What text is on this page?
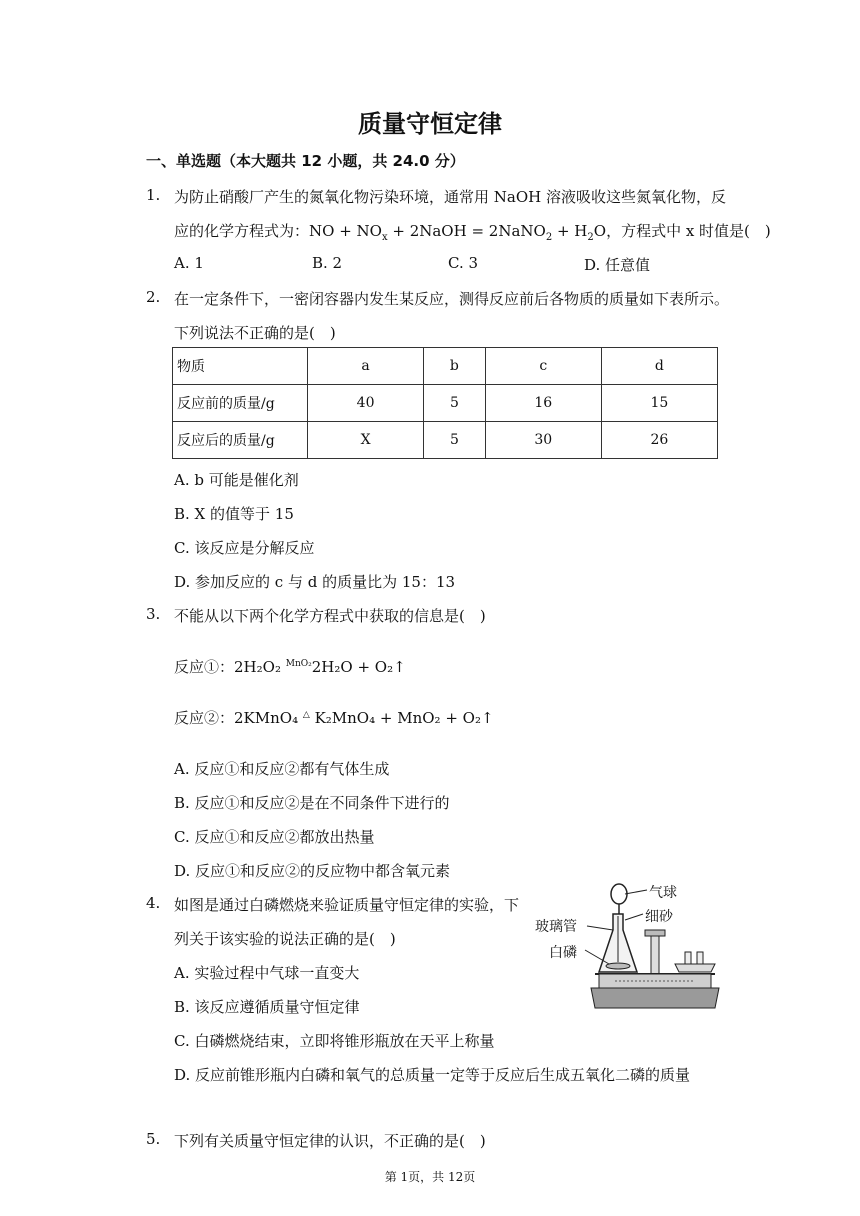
质量守恒定律
一、单选题（本大题共 12 小题，共 24.0 分）
1. 为防止硝酸厂产生的氮氧化物污染环境，通常用 NaOH 溶液吸收这些氮氧化物，反
应的化学方程式为：NO + $NO_x$ + 2NaOH = 2NaNO$_2$ + $H_2O$，方程式中 x 时值是(　)
A. 1	B. 2	C. 3	D. 任意值
2. 在一定条件下，一密闭容器内发生某反应，测得反应前后各物质的质量如下表所示。
下列说法不正确的是(　)
物质	a	b	c	d
反应前的质量/g	40	5	16	15
反应后的质量/g	X	5	30	26
A. b 可能是催化剂
B. X 的值等于 15
C. 该反应是分解反应
D. 参加反应的 c 与 d 的质量比为 15：13
3. 不能从以下两个化学方程式中获取的信息是(　)
反应①：2H₂O₂ $^{MnO_2}$2H₂O + O₂↑
反应②：2KMnO₄ △ K₂MnO₄ + MnO₂ + O₂↑
A. 反应①和反应②都有气体生成
B. 反应①和反应②是在不同条件下进行的
C. 反应①和反应②都放出热量
D. 反应①和反应②的反应物中都含氧元素
4. 如图是通过白磷燃烧来验证质量守恒定律的实验，下
列关于该实验的说法正确的是(　)
A. 实验过程中气球一直变大
B. 该反应遵循质量守恒定律
C. 白磷燃烧结束，立即将锥形瓶放在天平上称量
D. 反应前锥形瓶内白磷和氧气的总质量一定等于反应后生成五氧化二磷的质量
气球
细砂
玻璃管
白磷
5. 下列有关质量守恒定律的认识，不正确的是(　)
第 1页，共 12页
